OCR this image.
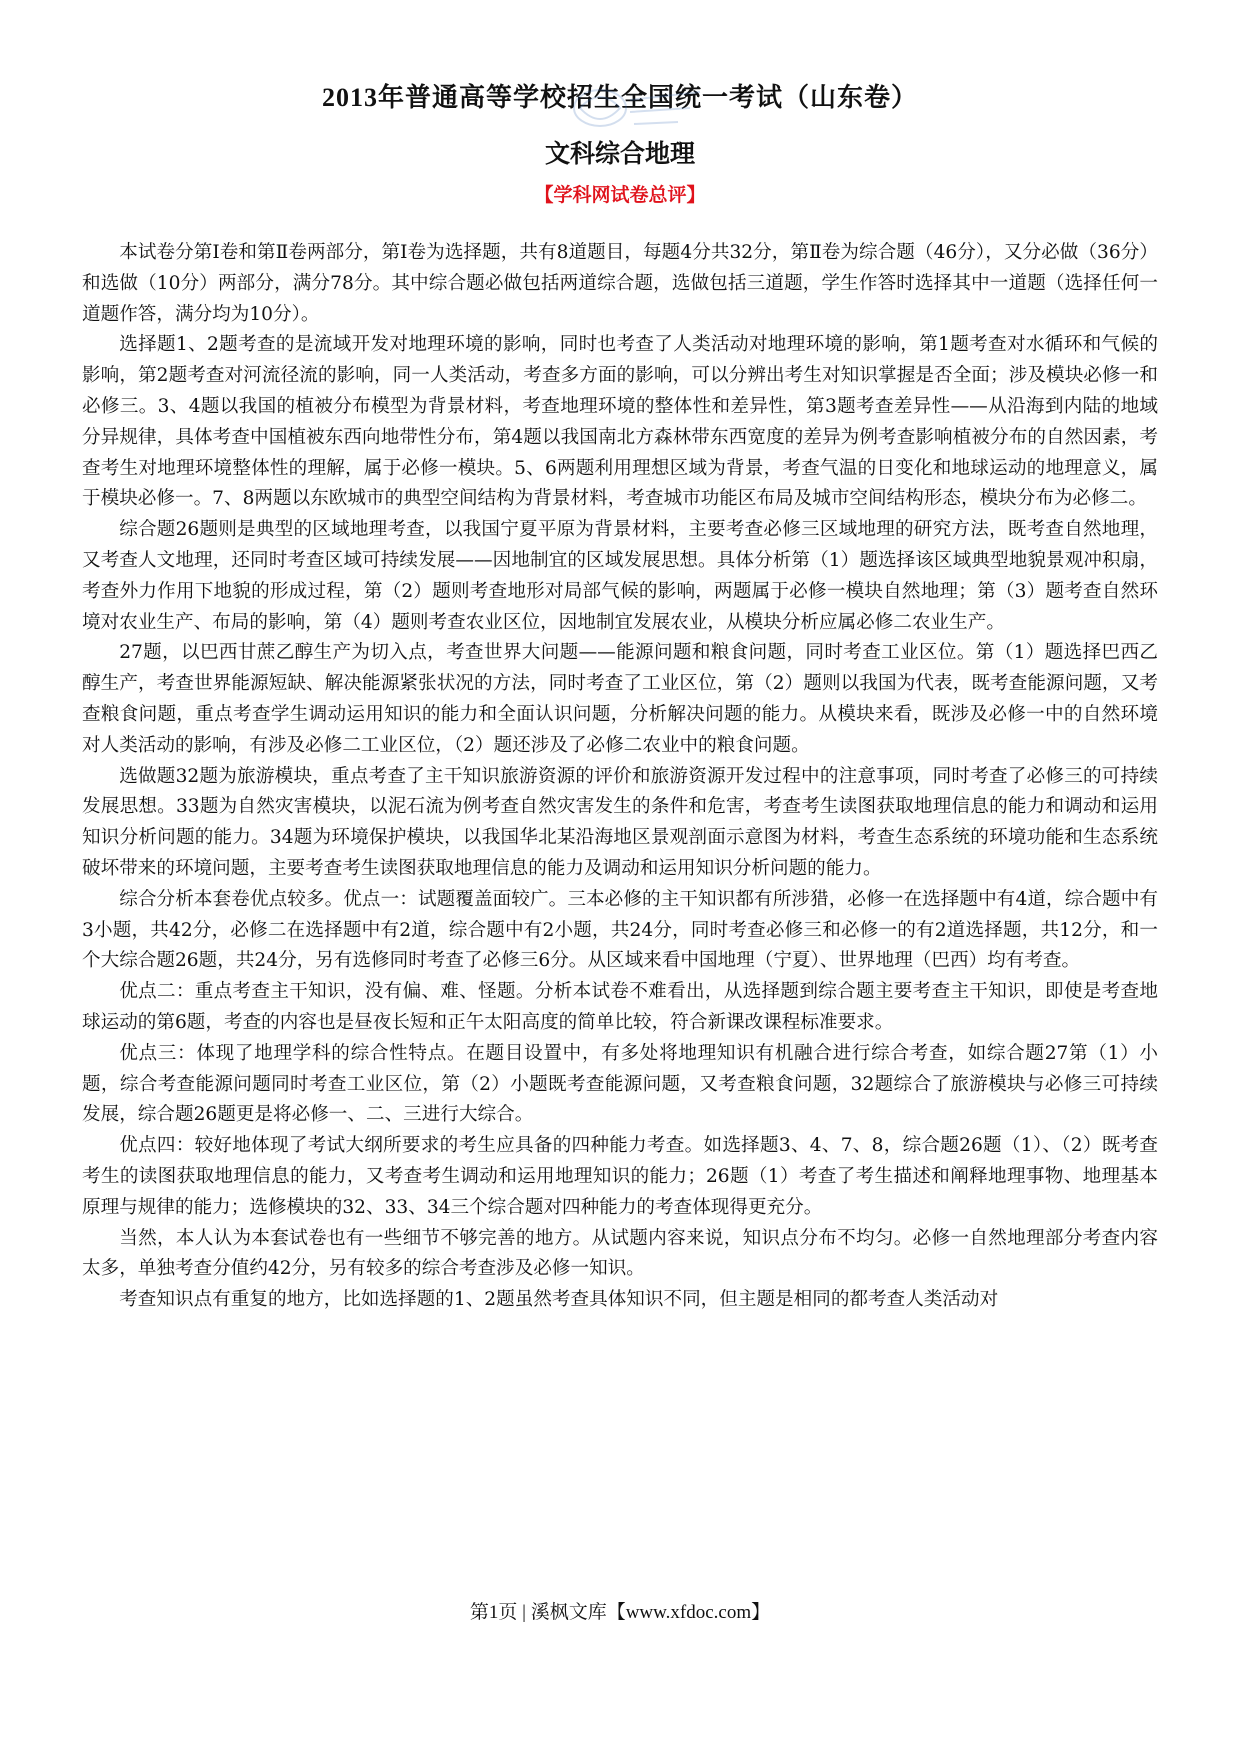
2013年普通高等学校招生全国统一考试（山东卷）
文科综合地理
【学科网试卷总评】

本试卷分第Ⅰ卷和第Ⅱ卷两部分，第Ⅰ卷为选择题，共有8道题目，每题4分共32分，第Ⅱ卷为综合题（46分），又分必做（36分）和选做（10分）两部分，满分78分。其中综合题必做包括两道综合题，选做包括三道题，学生作答时选择其中一道题（选择任何一道题作答，满分均为10分）。

选择题1、2题考查的是流域开发对地理环境的影响，同时也考查了人类活动对地理环境的影响，第1题考查对水循环和气候的影响，第2题考查对河流径流的影响，同一人类活动，考查多方面的影响，可以分辨出考生对知识掌握是否全面；涉及模块必修一和必修三。3、4题以我国的植被分布模型为背景材料，考查地理环境的整体性和差异性，第3题考查差异性——从沿海到内陆的地域分异规律，具体考查中国植被东西向地带性分布，第4题以我国南北方森林带东西宽度的差异为例考查影响植被分布的自然因素，考查考生对地理环境整体性的理解，属于必修一模块。5、6两题利用理想区域为背景，考查气温的日变化和地球运动的地理意义，属于模块必修一。7、8两题以东欧城市的典型空间结构为背景材料，考查城市功能区布局及城市空间结构形态，模块分布为必修二。

综合题26题则是典型的区域地理考查，以我国宁夏平原为背景材料，主要考查必修三区域地理的研究方法，既考查自然地理，又考查人文地理，还同时考查区域可持续发展——因地制宜的区域发展思想。具体分析第（1）题选择该区域典型地貌景观冲积扇，考查外力作用下地貌的形成过程，第（2）题则考查地形对局部气候的影响，两题属于必修一模块自然地理；第（3）题考查自然环境对农业生产、布局的影响，第（4）题则考查农业区位，因地制宜发展农业，从模块分析应属必修二农业生产。

27题，以巴西甘蔗乙醇生产为切入点，考查世界大问题——能源问题和粮食问题，同时考查工业区位。第（1）题选择巴西乙醇生产，考查世界能源短缺、解决能源紧张状况的方法，同时考查了工业区位，第（2）题则以我国为代表，既考查能源问题，又考查粮食问题，重点考查学生调动运用知识的能力和全面认识问题，分析解决问题的能力。从模块来看，既涉及必修一中的自然环境对人类活动的影响，有涉及必修二工业区位，（2）题还涉及了必修二农业中的粮食问题。

选做题32题为旅游模块，重点考查了主干知识旅游资源的评价和旅游资源开发过程中的注意事项，同时考查了必修三的可持续发展思想。33题为自然灾害模块，以泥石流为例考查自然灾害发生的条件和危害，考查考生读图获取地理信息的能力和调动和运用知识分析问题的能力。34题为环境保护模块，以我国华北某沿海地区景观剖面示意图为材料，考查生态系统的环境功能和生态系统破坏带来的环境问题，主要考查考生读图获取地理信息的能力及调动和运用知识分析问题的能力。

综合分析本套卷优点较多。优点一：试题覆盖面较广。三本必修的主干知识都有所涉猎，必修一在选择题中有4道，综合题中有3小题，共42分，必修二在选择题中有2道，综合题中有2小题，共24分，同时考查必修三和必修一的有2道选择题，共12分，和一个大综合题26题，共24分，另有选修同时考查了必修三6分。从区域来看中国地理（宁夏）、世界地理（巴西）均有考查。

优点二：重点考查主干知识，没有偏、难、怪题。分析本试卷不难看出，从选择题到综合题主要考查主干知识，即使是考查地球运动的第6题，考查的内容也是昼夜长短和正午太阳高度的简单比较，符合新课改课程标准要求。

优点三：体现了地理学科的综合性特点。在题目设置中，有多处将地理知识有机融合进行综合考查，如综合题27第（1）小题，综合考查能源问题同时考查工业区位，第（2）小题既考查能源问题，又考查粮食问题，32题综合了旅游模块与必修三可持续发展，综合题26题更是将必修一、二、三进行大综合。

优点四：较好地体现了考试大纲所要求的考生应具备的四种能力考查。如选择题3、4、7、8，综合题26题（1）、（2）既考查考生的读图获取地理信息的能力，又考查考生调动和运用地理知识的能力；26题（1）考查了考生描述和阐释地理事物、地理基本原理与规律的能力；选修模块的32、33、34三个综合题对四种能力的考查体现得更充分。

当然，本人认为本套试卷也有一些细节不够完善的地方。从试题内容来说，知识点分布不均匀。必修一自然地理部分考查内容太多，单独考查分值约42分，另有较多的综合考查涉及必修一知识。

考查知识点有重复的地方，比如选择题的1、2题虽然考查具体知识不同，但主题是相同的都考查人类活动对

第1页 | 溪枫文库【www.xfdoc.com】
